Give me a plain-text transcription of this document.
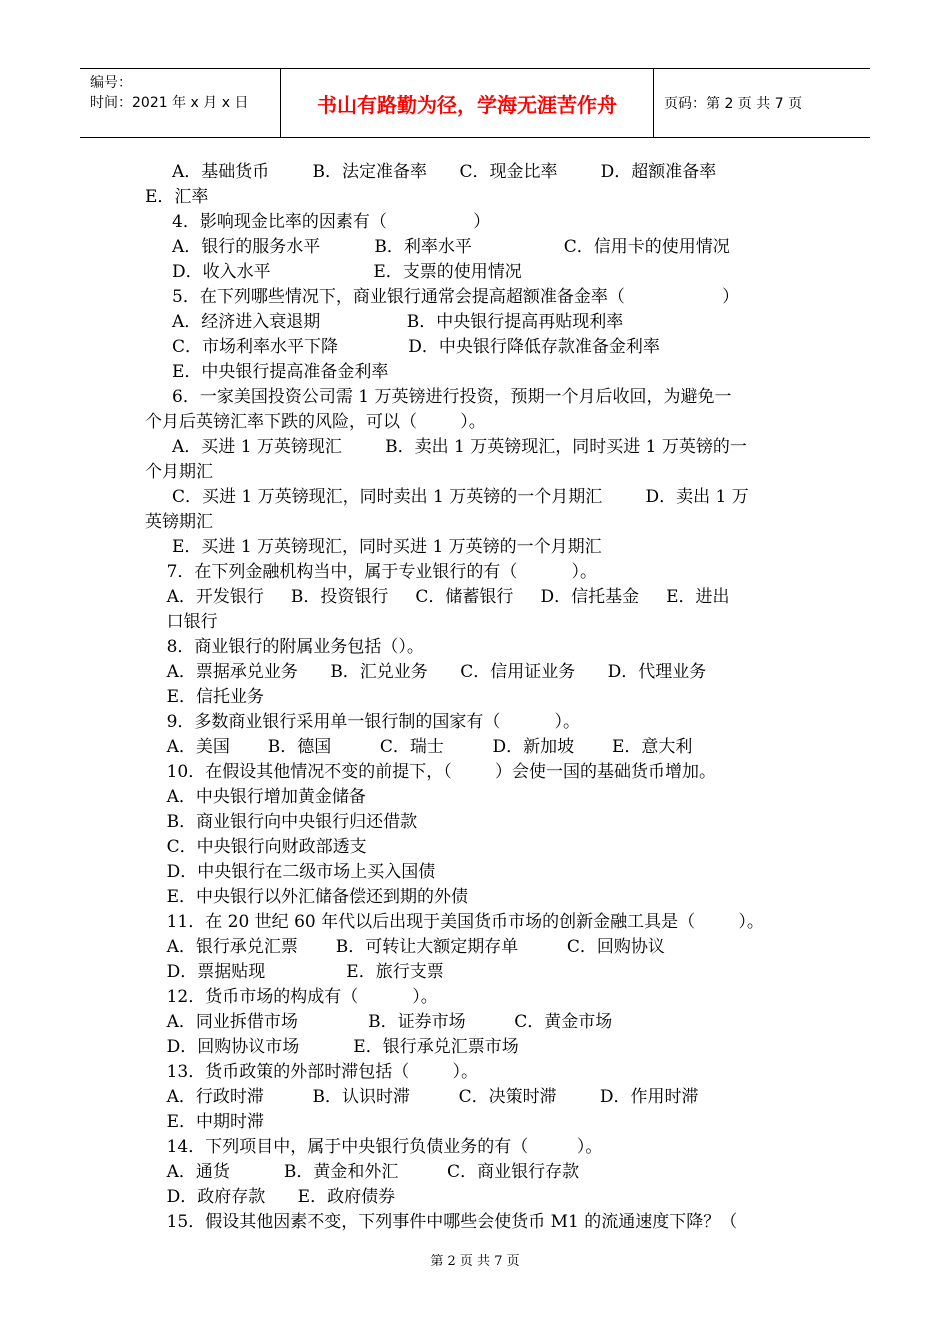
编号：
时间：2021 年 x 月 x 日	书山有路勤为径，学海无涯苦作舟	页码：第 2 页 共 7 页
A．基础货币        B．法定准备率      C．现金比率        D．超额准备率
E．汇率
4．影响现金比率的因素有（                ）
A．银行的服务水平          B．利率水平                 C．信用卡的使用情况
D．收入水平                   E．支票的使用情况
5．在下列哪些情况下，商业银行通常会提高超额准备金率（                  ）
A．经济进入衰退期                B．中央银行提高再贴现利率
C．市场利率水平下降             D．中央银行降低存款准备金利率
E．中央银行提高准备金利率
6．一家美国投资公司需 1 万英镑进行投资，预期一个月后收回，为避免一
个月后英镑汇率下跌的风险，可以（        ）。
A．买进 1 万英镑现汇        B．卖出 1 万英镑现汇，同时买进 1 万英镑的一
个月期汇
C．买进 1 万英镑现汇，同时卖出 1 万英镑的一个月期汇        D．卖出 1 万
英镑期汇
E．买进 1 万英镑现汇，同时买进 1 万英镑的一个月期汇
7．在下列金融机构当中，属于专业银行的有（          ）。
A．开发银行     B．投资银行     C．储蓄银行     D．信托基金     E．进出
口银行
8．商业银行的附属业务包括（）。
A．票据承兑业务      B．汇兑业务      C．信用证业务      D．代理业务
E．信托业务
9．多数商业银行采用单一银行制的国家有（          ）。
A．美国       B．德国         C．瑞士         D．新加坡       E．意大利
10．在假设其他情况不变的前提下，（        ）会使一国的基础货币增加。
A．中央银行增加黄金储备
B．商业银行向中央银行归还借款
C．中央银行向财政部透支
D．中央银行在二级市场上买入国债
E．中央银行以外汇储备偿还到期的外债
11．在 20 世纪 60 年代以后出现于美国货币市场的创新金融工具是（        ）。
A．银行承兑汇票       B．可转让大额定期存单         C．回购协议
D．票据贴现               E．旅行支票
12．货币市场的构成有（          ）。
A．同业拆借市场             B．证券市场         C．黄金市场
D．回购协议市场          E．银行承兑汇票市场
13．货币政策的外部时滞包括（        ）。
A．行政时滞         B．认识时滞         C．决策时滞        D．作用时滞
E．中期时滞
14．下列项目中，属于中央银行负债业务的有（         ）。
A．通货          B．黄金和外汇         C．商业银行存款
D．政府存款      E．政府债券
15．假设其他因素不变，下列事件中哪些会使货币 M1 的流通速度下降？（
第 2 页 共 7 页
